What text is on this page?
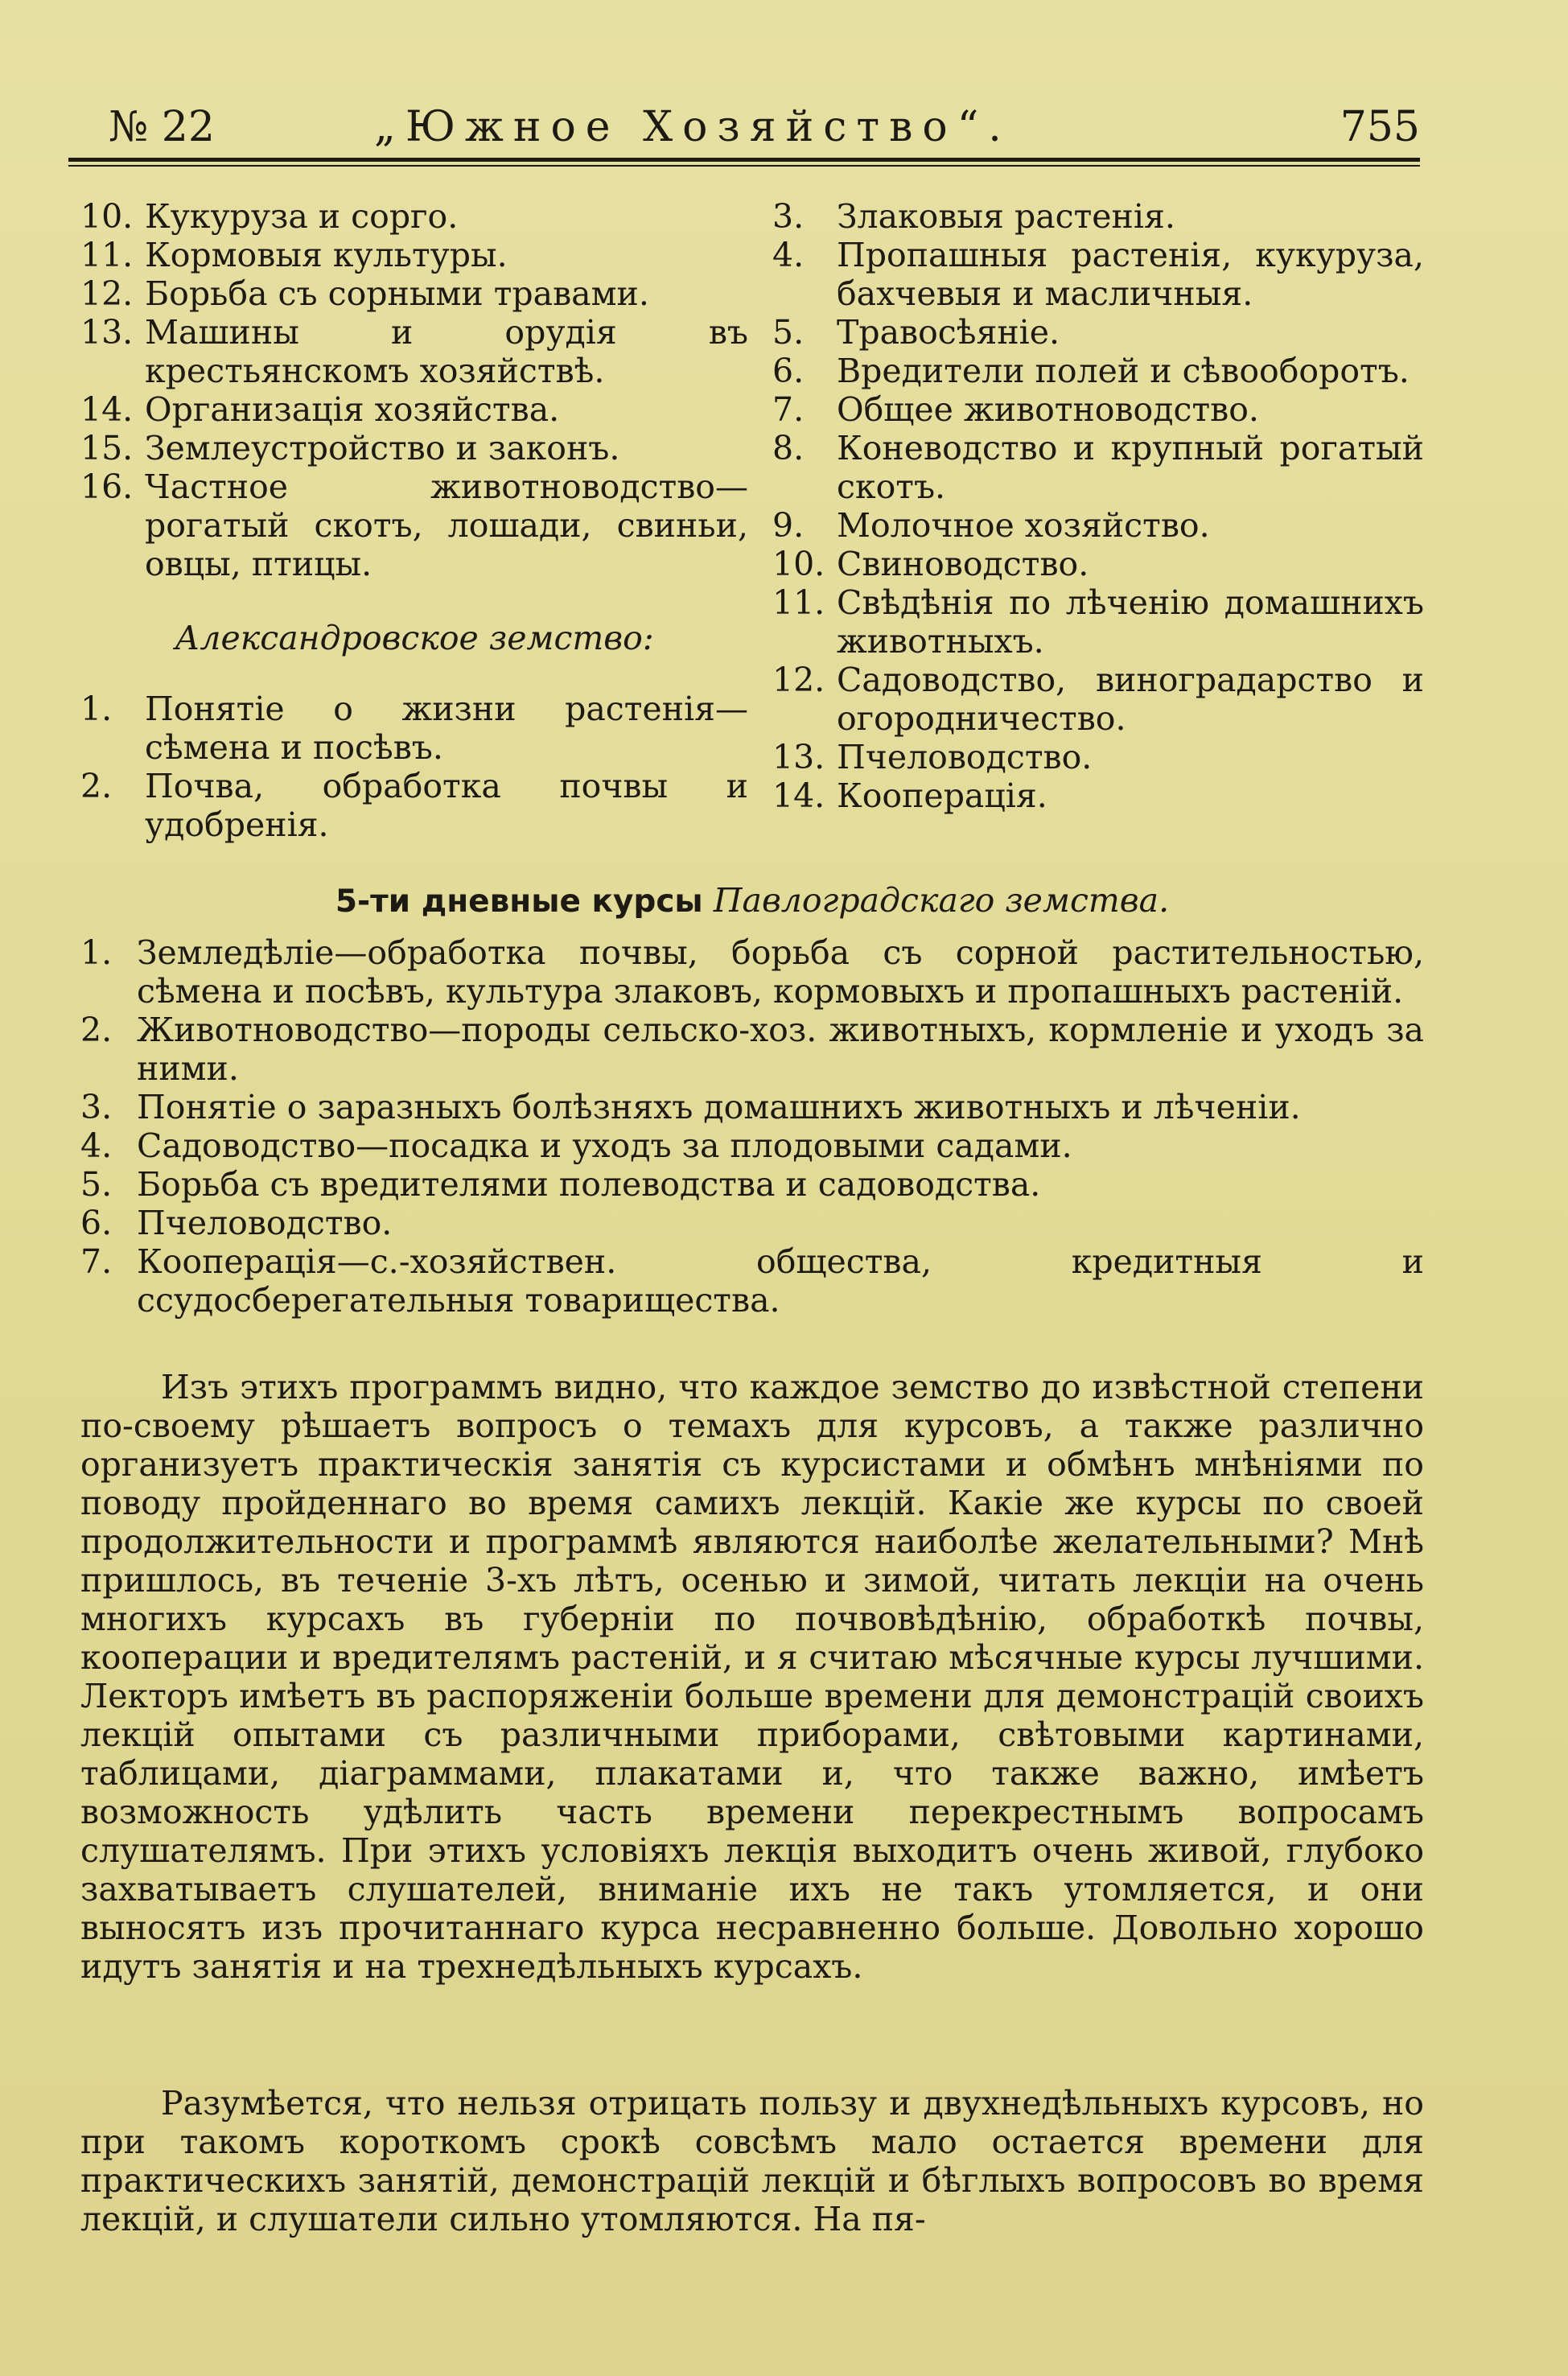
№ 22	„Южное Хозяйство“.	755
10. Кукуруза и сорго.
11. Кормовыя культуры.
12. Борьба съ сорными травами.
13. Машины и орудія въ крестьянскомъ хозяйствѣ.
14. Организація хозяйства.
15. Землеустройство и законъ.
16. Частное животноводство—рогатый скотъ, лошади, свиньи, овцы, птицы.
Александровское земство:
1. Понятіе о жизни растенія—сѣмена и посѣвъ.
2. Почва, обработка почвы и удобренія.
3. Злаковыя растенія.
4. Пропашныя растенія, кукуруза, бахчевыя и масличныя.
5. Травосѣяніе.
6. Вредители полей и сѣвооборотъ.
7. Общее животноводство.
8. Коневодство и крупный рогатый скотъ.
9. Молочное хозяйство.
10. Свиноводство.
11. Свѣдѣнія по лѣченію домашнихъ животныхъ.
12. Садоводство, виноградарство и огородничество.
13. Пчеловодство.
14. Кооперація.
5-ти дневные курсы Павлоградскаго земства.
1. Земледѣліе—обработка почвы, борьба съ сорной растительностью, сѣмена и посѣвъ, культура злаковъ, кормовыхъ и пропашныхъ растеній.
2. Животноводство—породы сельско-хоз. животныхъ, кормленіе и уходъ за ними.
3. Понятіе о заразныхъ болѣзняхъ домашнихъ животныхъ и лѣченіи.
4. Садоводство—посадка и уходъ за плодовыми садами.
5. Борьба съ вредителями полеводства и садоводства.
6. Пчеловодство.
7. Кооперація—с.-хозяйствен. общества, кредитныя и ссудосберегательныя товарищества.
Изъ этихъ программъ видно, что каждое земство до извѣстной степени по-своему рѣшаетъ вопросъ о темахъ для курсовъ, а также различно организуетъ практическія занятія съ курсистами и обмѣнъ мнѣніями по поводу пройденнаго во время самихъ лекцій. Какіе же курсы по своей продолжительности и программѣ являются наиболѣе желательными? Мнѣ пришлось, въ теченіе 3-хъ лѣтъ, осенью и зимой, читать лекціи на очень многихъ курсахъ въ губерніи по почвовѣдѣнію, обработкѣ почвы, кооперации и вредителямъ растеній, и я считаю мѣсячные курсы лучшими. Лекторъ имѣетъ въ распоряженіи больше времени для демонстрацій своихъ лекцій опытами съ различными приборами, свѣтовыми картинами, таблицами, діаграммами, плакатами и, что также важно, имѣетъ возможность удѣлить часть времени перекрестнымъ вопросамъ слушателямъ. При этихъ условіяхъ лекція выходитъ очень живой, глубоко захватываетъ слушателей, вниманіе ихъ не такъ утомляется, и они выносятъ изъ прочитаннаго курса несравненно больше. Довольно хорошо идутъ занятія и на трехнедѣльныхъ курсахъ.
Разумѣется, что нельзя отрицать пользу и двухнедѣльныхъ курсовъ, но при такомъ короткомъ срокѣ совсѣмъ мало остается времени для практическихъ занятій, демонстрацій лекцій и бѣглыхъ вопросовъ во время лекцій, и слушатели сильно утомляются. На пя-
